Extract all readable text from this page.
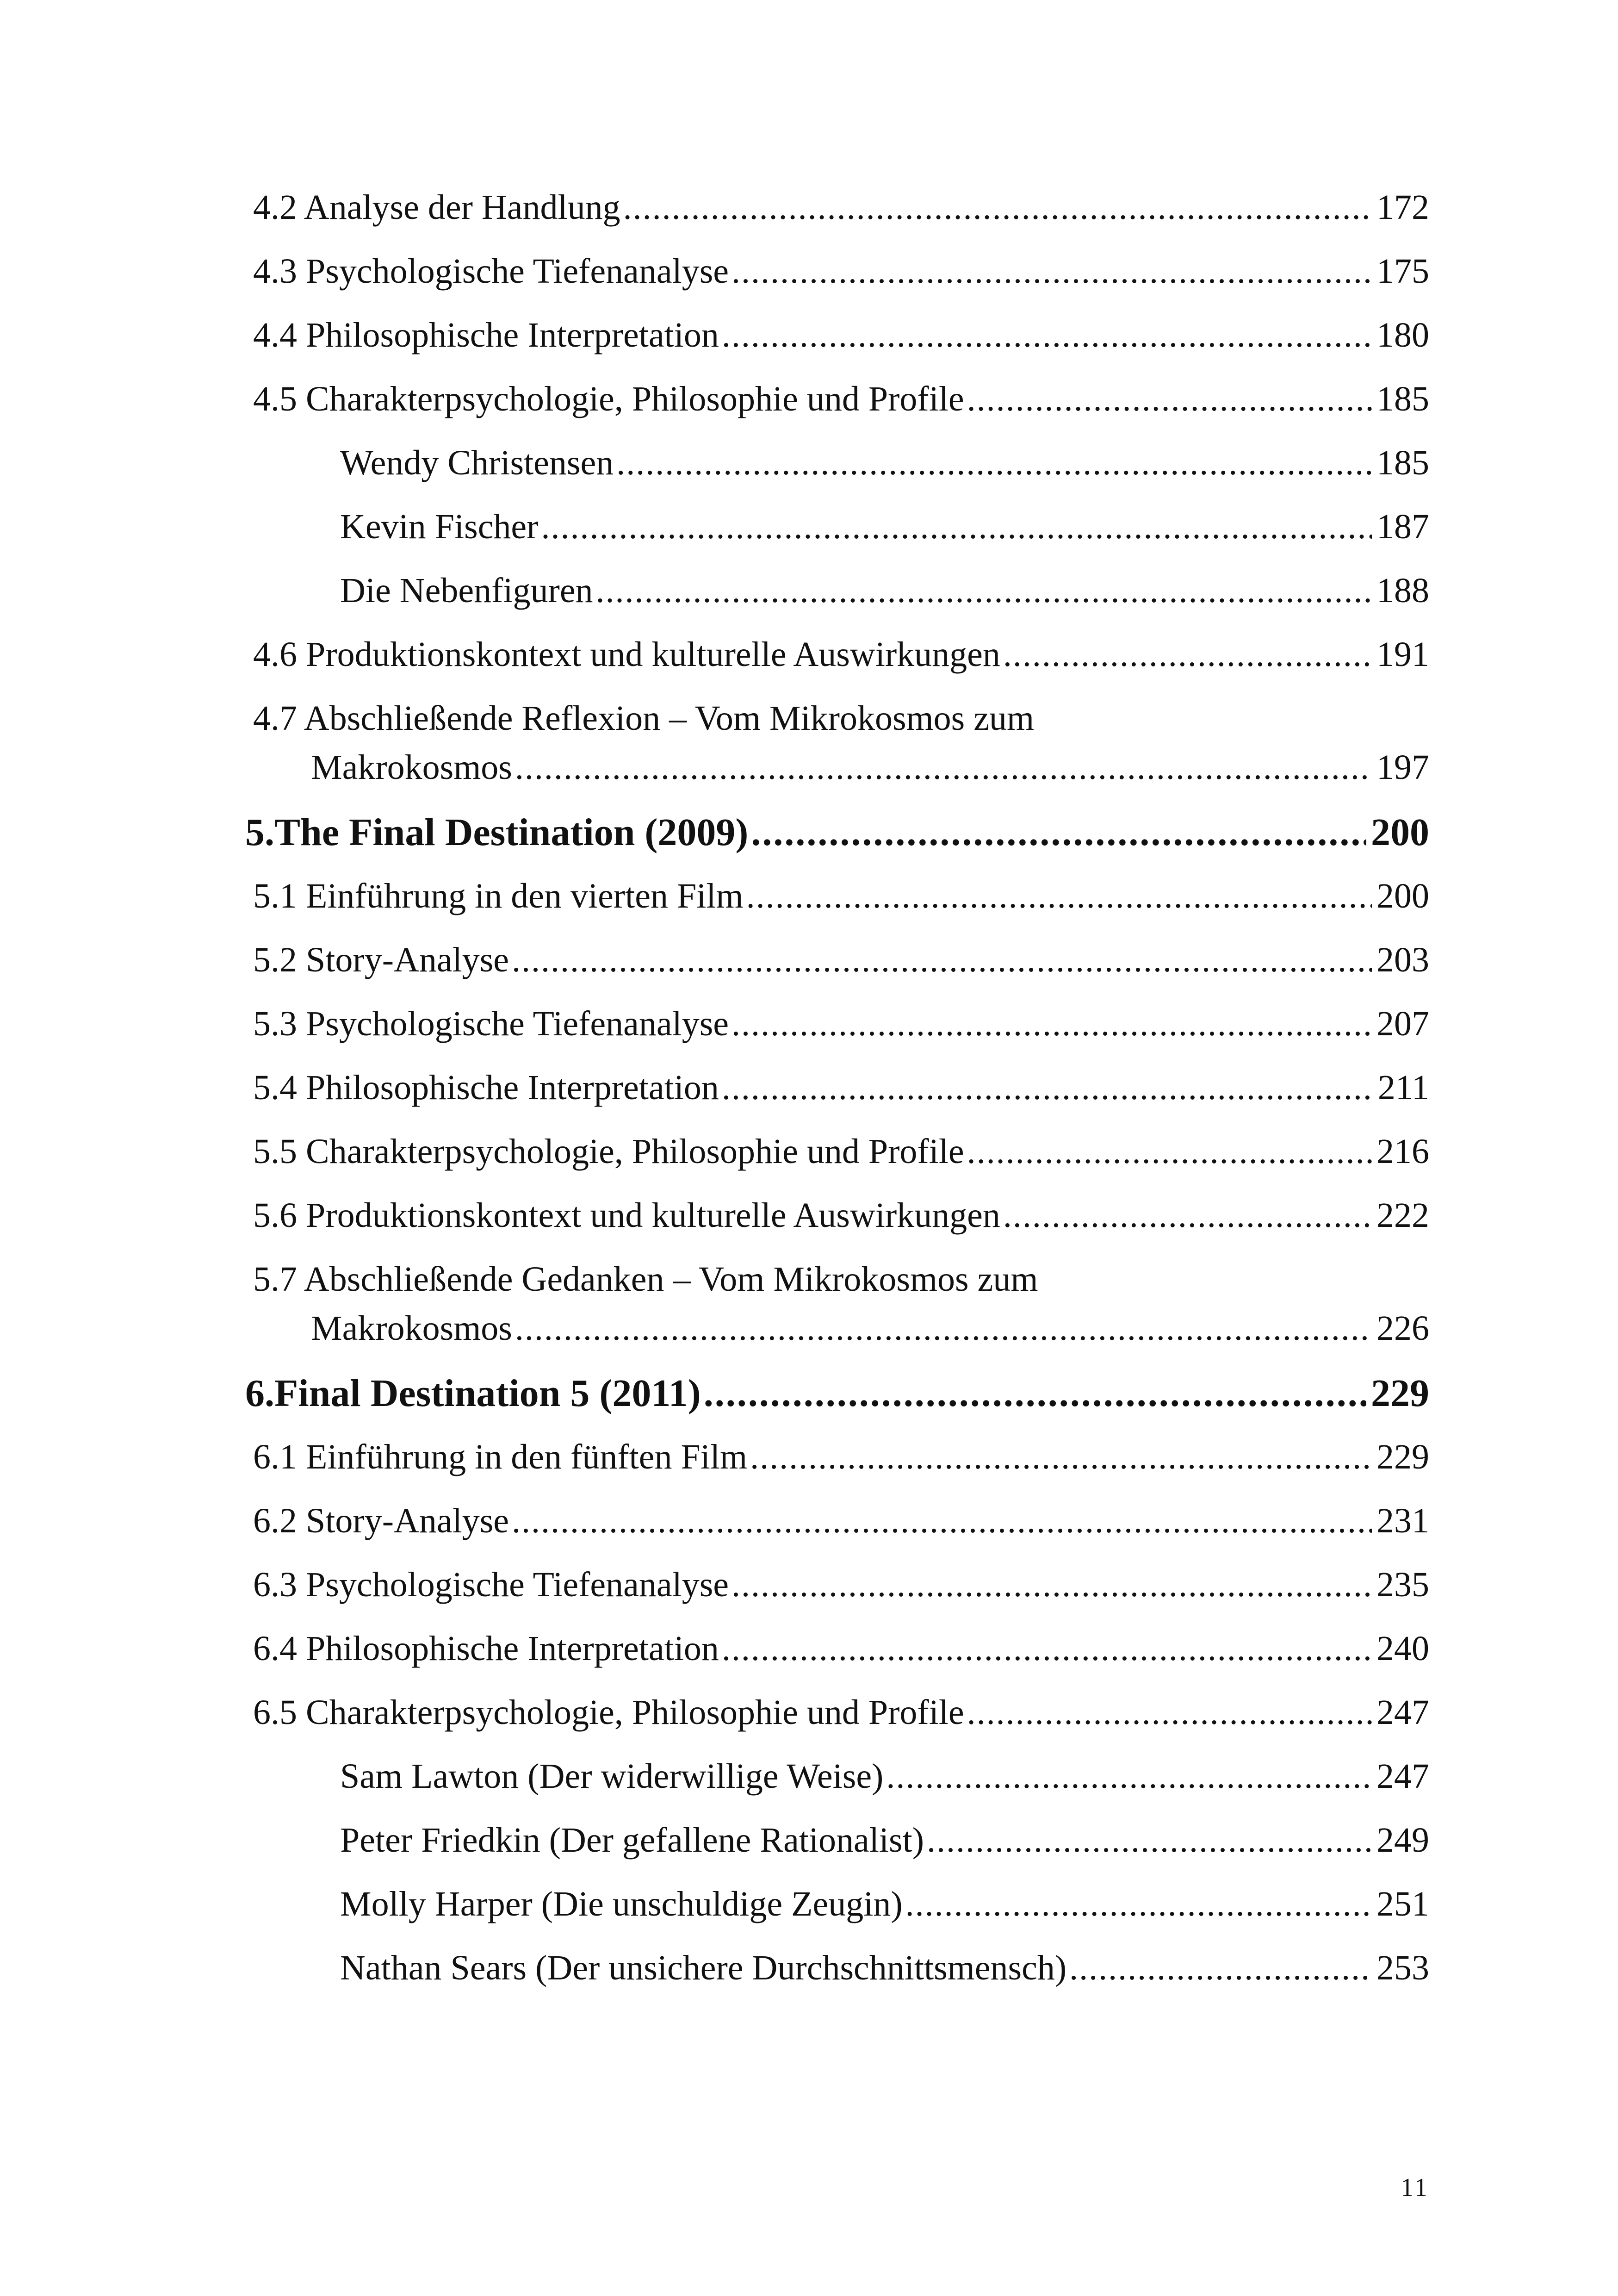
4.2 Analyse der Handlung .....	172
4.3 Psychologische Tiefenanalyse .....	175
4.4 Philosophische Interpretation .....	180
4.5 Charakterpsychologie, Philosophie und Profile .....	185
Wendy Christensen .....	185
Kevin Fischer .....	187
Die Nebenfiguren .....	188
4.6 Produktionskontext und kulturelle Auswirkungen .....	191
4.7 Abschließende Reflexion – Vom Mikrokosmos zum
Makrokosmos .....	197
5. The Final Destination (2009) .....	200
5.1 Einführung in den vierten Film .....	200
5.2 Story-Analyse .....	203
5.3 Psychologische Tiefenanalyse .....	207
5.4 Philosophische Interpretation .....	211
5.5 Charakterpsychologie, Philosophie und Profile .....	216
5.6 Produktionskontext und kulturelle Auswirkungen .....	222
5.7 Abschließende Gedanken – Vom Mikrokosmos zum
Makrokosmos .....	226
6. Final Destination 5 (2011) .....	229
6.1 Einführung in den fünften Film .....	229
6.2 Story-Analyse .....	231
6.3 Psychologische Tiefenanalyse .....	235
6.4 Philosophische Interpretation .....	240
6.5 Charakterpsychologie, Philosophie und Profile .....	247
Sam Lawton (Der widerwillige Weise) .....	247
Peter Friedkin (Der gefallene Rationalist) .....	249
Molly Harper (Die unschuldige Zeugin) .....	251
Nathan Sears (Der unsichere Durchschnittsmensch) .....	253
11
